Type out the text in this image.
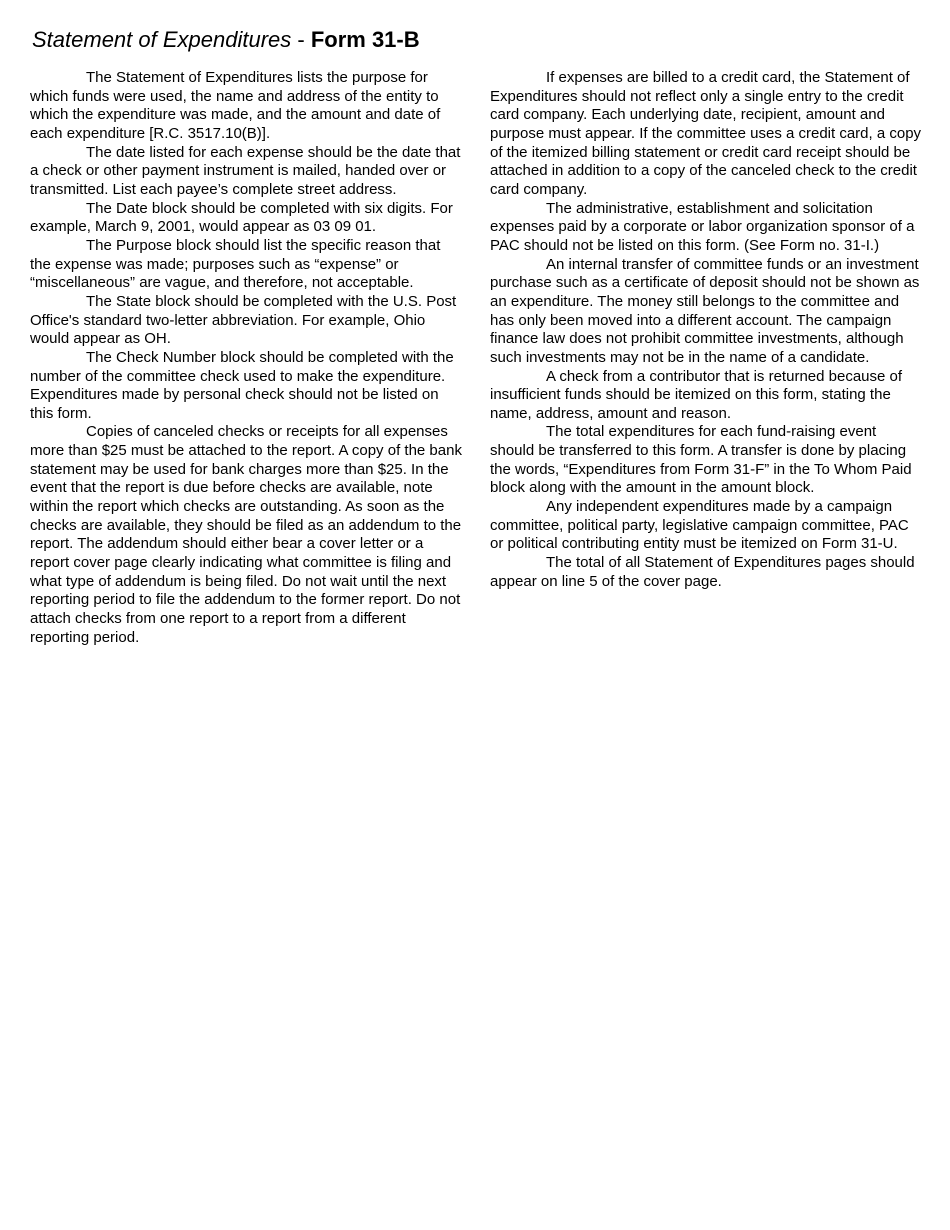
Statement of Expenditures - Form 31-B

The Statement of Expenditures lists the purpose for which funds were used, the name and address of the entity to which the expenditure was made, and the amount and date of each expenditure [R.C. 3517.10(B)].

The date listed for each expense should be the date that a check or other payment instrument is mailed, handed over or transmitted. List each payee’s complete street address.

The Date block should be completed with six digits. For example, March 9, 2001, would appear as 03 09 01.

The Purpose block should list the specific reason that the expense was made; purposes such as “expense” or “miscellaneous” are vague, and therefore, not acceptable.

The State block should be completed with the U.S. Post Office's standard two-letter abbreviation. For example, Ohio would appear as OH.

The Check Number block should be completed with the number of the committee check used to make the expenditure. Expenditures made by personal check should not be listed on this form.

Copies of canceled checks or receipts for all expenses more than $25 must be attached to the report. A copy of the bank statement may be used for bank charges more than $25. In the event that the report is due before checks are available, note within the report which checks are outstanding. As soon as the checks are available, they should be filed as an addendum to the report. The addendum should either bear a cover letter or a report cover page clearly indicating what committee is filing and what type of addendum is being filed. Do not wait until the next reporting period to file the addendum to the former report. Do not attach checks from one report to a report from a different reporting period.

If expenses are billed to a credit card, the Statement of Expenditures should not reflect only a single entry to the credit card company. Each underlying date, recipient, amount and purpose must appear. If the committee uses a credit card, a copy of the itemized billing statement or credit card receipt should be attached in addition to a copy of the canceled check to the credit card company.

The administrative, establishment and solicitation expenses paid by a corporate or labor organization sponsor of a PAC should not be listed on this form. (See Form no. 31-I.)

An internal transfer of committee funds or an investment purchase such as a certificate of deposit should not be shown as an expenditure. The money still belongs to the committee and has only been moved into a different account. The campaign finance law does not prohibit committee investments, although such investments may not be in the name of a candidate.

A check from a contributor that is returned because of insufficient funds should be itemized on this form, stating the name, address, amount and reason.

The total expenditures for each fund-raising event should be transferred to this form. A transfer is done by placing the words, “Expenditures from Form 31-F” in the To Whom Paid block along with the amount in the amount block.

Any independent expenditures made by a campaign committee, political party, legislative campaign committee, PAC or political contributing entity must be itemized on Form 31-U.

The total of all Statement of Expenditures pages should appear on line 5 of the cover page.
